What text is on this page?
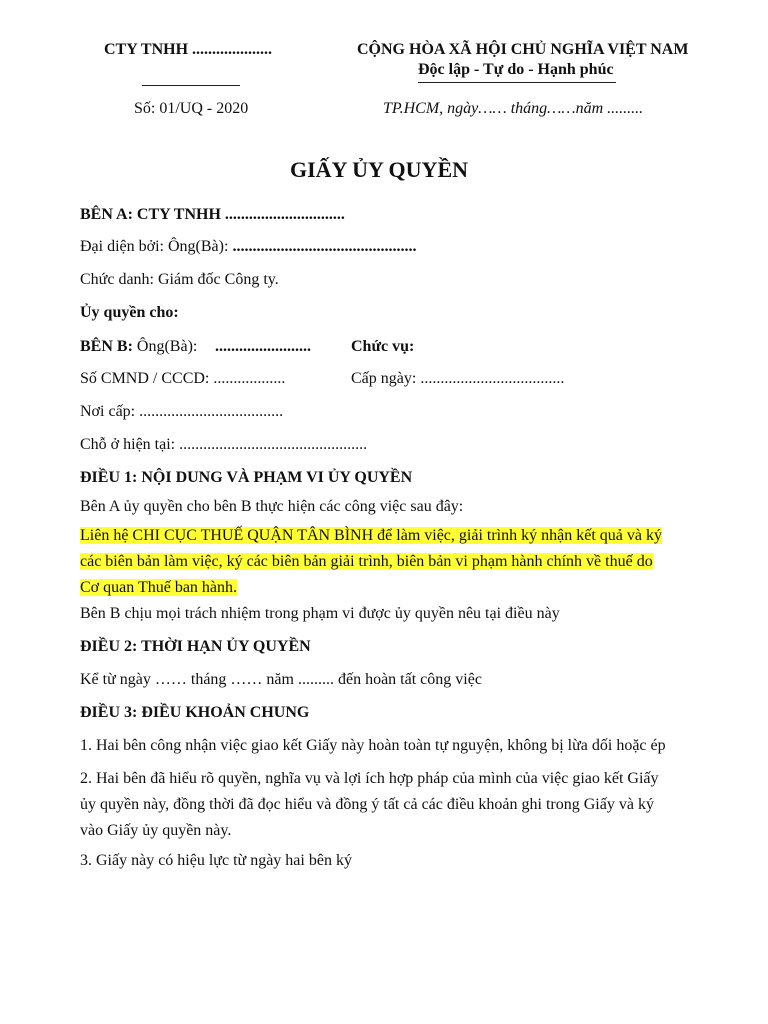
CTY TNHH ....................
Số: 01/UQ - 2020
CỘNG HÒA XÃ HỘI CHỦ NGHĨA VIỆT NAM
Độc lập - Tự do - Hạnh phúc
TP.HCM, ngày…… tháng……năm .........
GIẤY ỦY QUYỀN
BÊN A: CTY TNHH ..............................
Đại diện bởi: Ông(Bà): ..............................................
Chức danh: Giám đốc Công ty.
Ủy quyền cho:
BÊN B: Ông(Bà): ........................	Chức vụ:
Số CMND / CCCD: ..................	Cấp ngày: ....................................
Nơi cấp: ....................................
Chỗ ở hiện tại: ...............................................
ĐIỀU 1: NỘI DUNG VÀ PHẠM VI ỦY QUYỀN
Bên A ủy quyền cho bên B thực hiện các công việc sau đây:
Liên hệ CHI CỤC THUẾ QUẬN TÂN BÌNH để làm việc, giải trình ký nhận kết quả và ký
các biên bản làm việc, ký các biên bản giải trình, biên bản vi phạm hành chính về thuế do
Cơ quan Thuế ban hành.
Bên B chịu mọi trách nhiệm trong phạm vi được ủy quyền nêu tại điều này
ĐIỀU 2: THỜI HẠN ỦY QUYỀN
Kể từ ngày …… tháng …… năm ......... đến hoàn tất công việc
ĐIỀU 3: ĐIỀU KHOẢN CHUNG
1. Hai bên công nhận việc giao kết Giấy này hoàn toàn tự nguyện, không bị lừa dối hoặc ép
2. Hai bên đã hiểu rõ quyền, nghĩa vụ và lợi ích hợp pháp của mình của việc giao kết Giấy
ủy quyền này, đồng thời đã đọc hiểu và đồng ý tất cả các điều khoản ghi trong Giấy và ký
vào Giấy ủy quyền này.
3. Giấy này có hiệu lực từ ngày hai bên ký
